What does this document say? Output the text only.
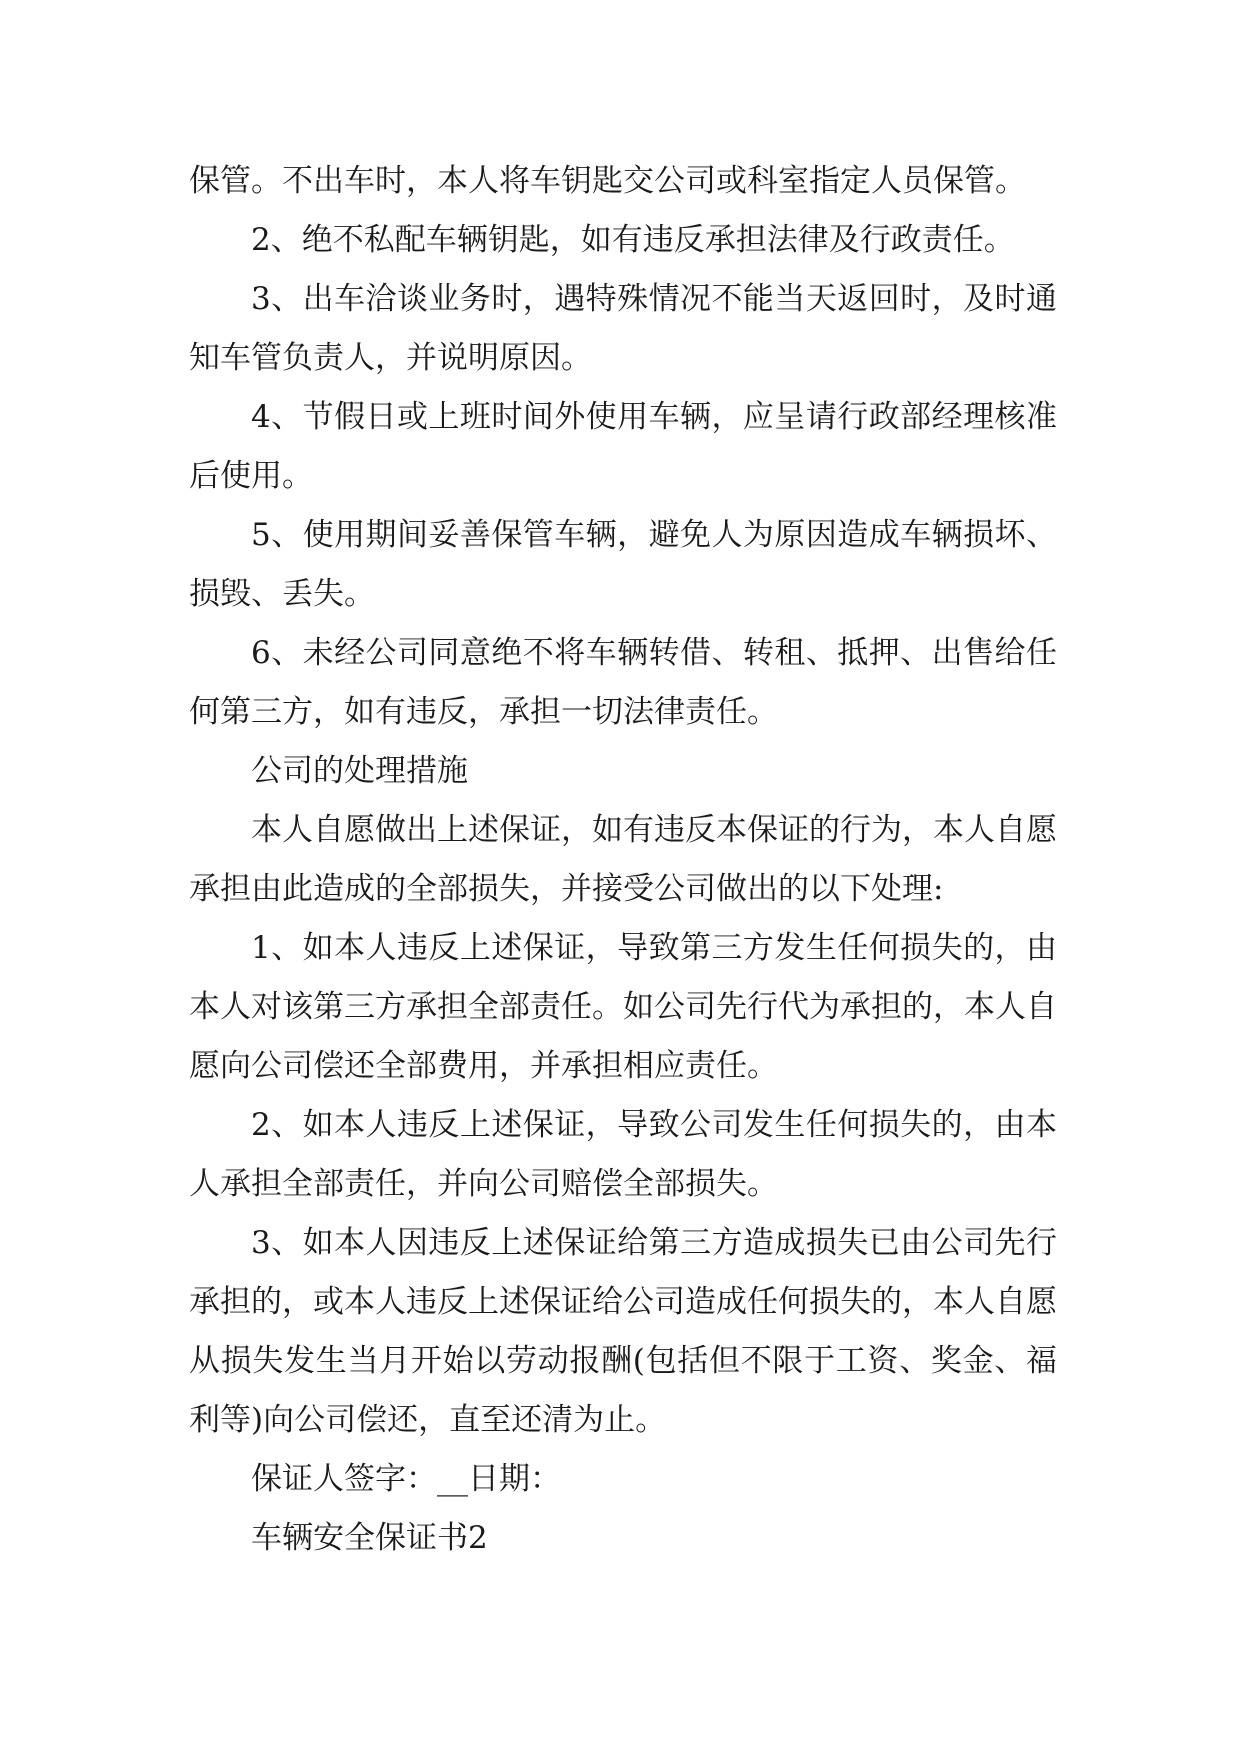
保管。不出车时，本人将车钥匙交公司或科室指定人员保管。

2、绝不私配车辆钥匙，如有违反承担法律及行政责任。

3、出车洽谈业务时，遇特殊情况不能当天返回时，及时通知车管负责人，并说明原因。

4、节假日或上班时间外使用车辆，应呈请行政部经理核准后使用。

5、使用期间妥善保管车辆，避免人为原因造成车辆损坏、损毁、丢失。

6、未经公司同意绝不将车辆转借、转租、抵押、出售给任何第三方，如有违反，承担一切法律责任。

公司的处理措施

本人自愿做出上述保证，如有违反本保证的行为，本人自愿承担由此造成的全部损失，并接受公司做出的以下处理:

1、如本人违反上述保证，导致第三方发生任何损失的，由本人对该第三方承担全部责任。如公司先行代为承担的，本人自愿向公司偿还全部费用，并承担相应责任。

2、如本人违反上述保证，导致公司发生任何损失的，由本人承担全部责任，并向公司赔偿全部损失。

3、如本人因违反上述保证给第三方造成损失已由公司先行承担的，或本人违反上述保证给公司造成任何损失的，本人自愿从损失发生当月开始以劳动报酬(包括但不限于工资、奖金、福利等)向公司偿还，直至还清为止。

保证人签字：__日期：

车辆安全保证书2
